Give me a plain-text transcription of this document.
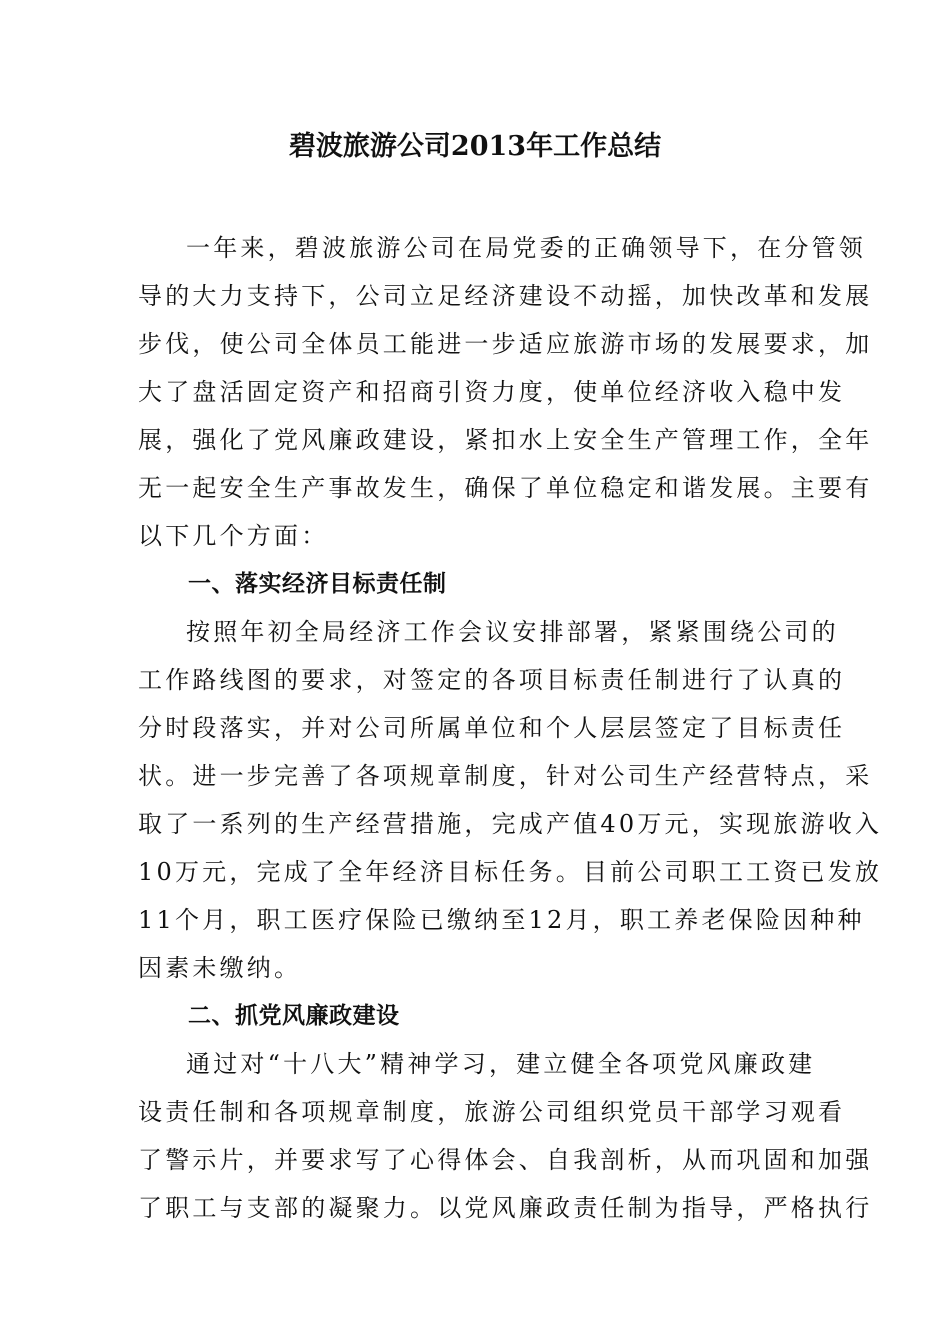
碧波旅游公司2013年工作总结
一年来，碧波旅游公司在局党委的正确领导下，在分管领
导的大力支持下，公司立足经济建设不动摇，加快改革和发展
步伐，使公司全体员工能进一步适应旅游市场的发展要求，加
大了盘活固定资产和招商引资力度，使单位经济收入稳中发
展，强化了党风廉政建设，紧扣水上安全生产管理工作，全年
无一起安全生产事故发生，确保了单位稳定和谐发展。主要有
以下几个方面：
一、落实经济目标责任制
按照年初全局经济工作会议安排部署，紧紧围绕公司的
工作路线图的要求，对签定的各项目标责任制进行了认真的
分时段落实，并对公司所属单位和个人层层签定了目标责任
状。进一步完善了各项规章制度，针对公司生产经营特点，采
取了一系列的生产经营措施，完成产值40万元，实现旅游收入
10万元，完成了全年经济目标任务。目前公司职工工资已发放
11个月，职工医疗保险已缴纳至12月，职工养老保险因种种
因素未缴纳。
二、抓党风廉政建设
通过对“十八大”精神学习，建立健全各项党风廉政建
设责任制和各项规章制度，旅游公司组织党员干部学习观看
了警示片，并要求写了心得体会、自我剖析，从而巩固和加强
了职工与支部的凝聚力。以党风廉政责任制为指导，严格执行
